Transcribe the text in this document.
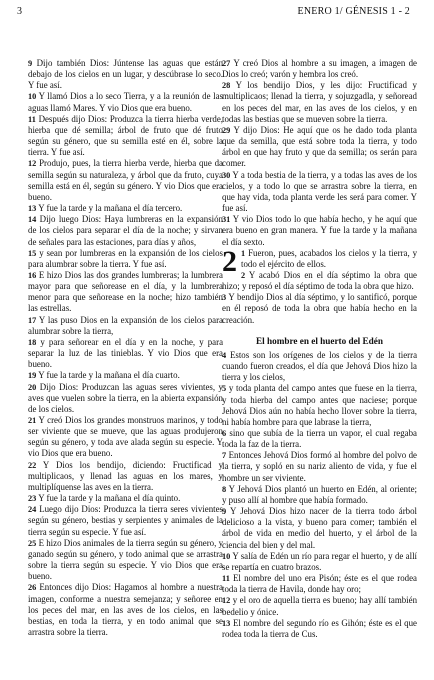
3	ENERO 1/ GÉNESIS 1 - 2

9 Dijo también Dios: Júntense las aguas que están debajo de los cielos en un lugar, y descúbrase lo seco. Y fue así.

10 Y llamó Dios a lo seco Tierra, y a la reunión de las aguas llamó Mares. Y vio Dios que era bueno.

11 Después dijo Dios: Produzca la tierra hierba verde, hierba que dé semilla; árbol de fruto que dé fruto según su género, que su semilla esté en él, sobre la tierra. Y fue así.

12 Produjo, pues, la tierra hierba verde, hierba que da semilla según su naturaleza, y árbol que da fruto, cuya semilla está en él, según su género. Y vio Dios que era bueno.

13 Y fue la tarde y la mañana el día tercero.

14 Dijo luego Dios: Haya lumbreras en la expansión de los cielos para separar el día de la noche; y sirvan de señales para las estaciones, para días y años,

15 y sean por lumbreras en la expansión de los cielos para alumbrar sobre la tierra. Y fue así.

16 E hizo Dios las dos grandes lumbreras; la lumbrera mayor para que señorease en el día, y la lumbrera menor para que señorease en la noche; hizo también las estrellas.

17 Y las puso Dios en la expansión de los cielos para alumbrar sobre la tierra,

18 y para señorear en el día y en la noche, y para separar la luz de las tinieblas. Y vio Dios que era bueno.

19 Y fue la tarde y la mañana el día cuarto.

20 Dijo Dios: Produzcan las aguas seres vivientes, y aves que vuelen sobre la tierra, en la abierta expansión de los cielos.

21 Y creó Dios los grandes monstruos marinos, y todo ser viviente que se mueve, que las aguas produjeron según su género, y toda ave alada según su especie. Y vio Dios que era bueno.

22 Y Dios los bendijo, diciendo: Fructificad y multiplicaos, y llenad las aguas en los mares, y multiplíquense las aves en la tierra.

23 Y fue la tarde y la mañana el día quinto.

24 Luego dijo Dios: Produzca la tierra seres vivientes según su género, bestias y serpientes y animales de la tierra según su especie. Y fue así.

25 E hizo Dios animales de la tierra según su género, y ganado según su género, y todo animal que se arrastra sobre la tierra según su especie. Y vio Dios que era bueno.

26 Entonces dijo Dios: Hagamos al hombre a nuestra imagen, conforme a nuestra semejanza; y señoree en los peces del mar, en las aves de los cielos, en las bestias, en toda la tierra, y en todo animal que se arrastra sobre la tierra.

27 Y creó Dios al hombre a su imagen, a imagen de Dios lo creó; varón y hembra los creó.

28 Y los bendijo Dios, y les dijo: Fructificad y multiplicaos; llenad la tierra, y sojuzgadla, y señoread en los peces del mar, en las aves de los cielos, y en todas las bestias que se mueven sobre la tierra.

29 Y dijo Dios: He aquí que os he dado toda planta que da semilla, que está sobre toda la tierra, y todo árbol en que hay fruto y que da semilla; os serán para comer.

30 Y a toda bestia de la tierra, y a todas las aves de los cielos, y a todo lo que se arrastra sobre la tierra, en que hay vida, toda planta verde les será para comer. Y fue así.

31 Y vio Dios todo lo que había hecho, y he aquí que era bueno en gran manera. Y fue la tarde y la mañana el día sexto.

2 1 Fueron, pues, acabados los cielos y la tierra, y todo el ejército de ellos.

2 Y acabó Dios en el día séptimo la obra que hizo; y reposó el día séptimo de toda la obra que hizo.

3 Y bendijo Dios al día séptimo, y lo santificó, porque en él reposó de toda la obra que había hecho en la creación.

El hombre en el huerto del Edén

4 Estos son los orígenes de los cielos y de la tierra cuando fueron creados, el día que Jehová Dios hizo la tierra y los cielos,

5 y toda planta del campo antes que fuese en la tierra, y toda hierba del campo antes que naciese; porque Jehová Dios aún no había hecho llover sobre la tierra, ni había hombre para que labrase la tierra,

6 sino que subía de la tierra un vapor, el cual regaba toda la faz de la tierra.

7 Entonces Jehová Dios formó al hombre del polvo de la tierra, y sopló en su nariz aliento de vida, y fue el hombre un ser viviente.

8 Y Jehová Dios plantó un huerto en Edén, al oriente; y puso allí al hombre que había formado.

9 Y Jehová Dios hizo nacer de la tierra todo árbol delicioso a la vista, y bueno para comer; también el árbol de vida en medio del huerto, y el árbol de la ciencia del bien y del mal.

10 Y salía de Edén un río para regar el huerto, y de allí se repartía en cuatro brazos.

11 El nombre del uno era Pisón; éste es el que rodea toda la tierra de Havila, donde hay oro;

12 y el oro de aquella tierra es bueno; hay allí también bedelio y ónice.

13 El nombre del segundo río es Gihón; éste es el que rodea toda la tierra de Cus.
